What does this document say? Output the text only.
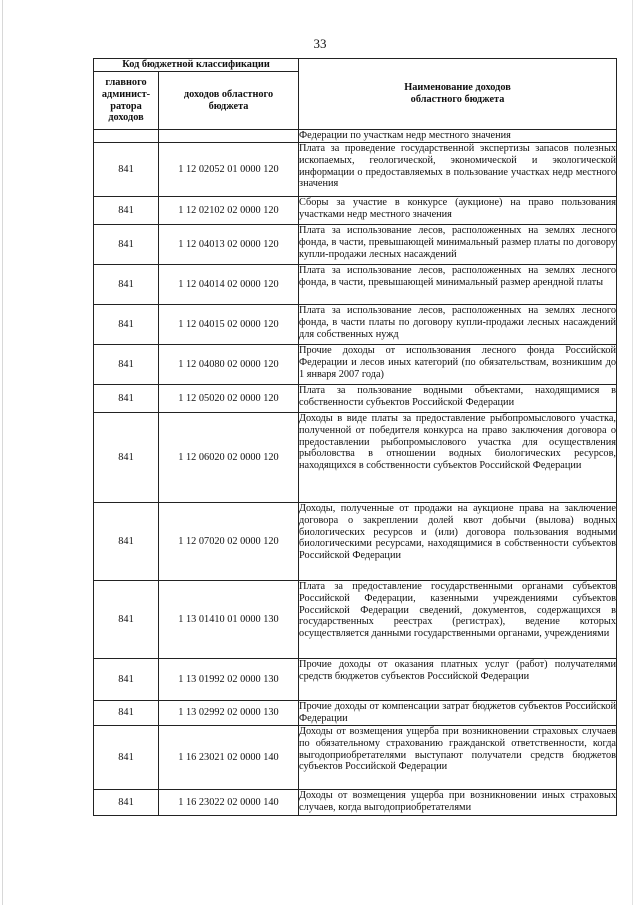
33
Код бюджетной классификации		Наименование доходов областного бюджета

главного админист-ратора доходов	доходов областного бюджета	

		Федерации по участкам недр местного значения
841	1 12 02052 01 0000 120	Плата за проведение государственной экспертизы запасов полезных ископаемых, геологической, экономической и экологической информации о предоставляемых в пользование участках недр местного значения
841	1 12 02102 02 0000 120	Сборы за участие в конкурсе (аукционе) на право пользования участками недр местного значения
841	1 12 04013 02 0000 120	Плата за использование лесов, расположенных на землях лесного фонда, в части, превышающей минимальный размер платы по договору купли-продажи лесных насаждений
841	1 12 04014 02 0000 120	Плата за использование лесов, расположенных на землях лесного фонда, в части, превышающей минимальный размер арендной платы
841	1 12 04015 02 0000 120	Плата за использование лесов, расположенных на землях лесного фонда, в части платы по договору купли-продажи лесных насаждений для собственных нужд
841	1 12 04080 02 0000 120	Прочие доходы от использования лесного фонда Российской Федерации и лесов иных категорий (по обязательствам, возникшим до 1 января 2007 года)
841	1 12 05020 02 0000 120	Плата за пользование водными объектами, находящимися в собственности субъектов Российской Федерации
841	1 12 06020 02 0000 120	Доходы в виде платы за предоставление рыбопромыслового участка, полученной от победителя конкурса на право заключения договора о предоставлении рыбопромыслового участка для осуществления рыболовства в отношении водных биологических ресурсов, находящихся в собственности субъектов Российской Федерации
841	1 12 07020 02 0000 120	Доходы, полученные от продажи на аукционе права на заключение договора о закреплении долей квот добычи (вылова) водных биологических ресурсов и (или) договора пользования водными биологическими ресурсами, находящимися в собственности субъектов Российской Федерации
841	1 13 01410 01 0000 130	Плата за предоставление государственными органами субъектов Российской Федерации, казенными учреждениями субъектов Российской Федерации сведений, документов, содержащихся в государственных реестрах (регистрах), ведение которых осуществляется данными государственными органами, учреждениями
841	1 13 01992 02 0000 130	Прочие доходы от оказания платных услуг (работ) получателями средств бюджетов субъектов Российской Федерации
841	1 13 02992 02 0000 130	Прочие доходы от компенсации затрат бюджетов субъектов Российской Федерации
841	1 16 23021 02 0000 140	Доходы от возмещения ущерба при возникновении страховых случаев по обязательному страхованию гражданской ответственности, когда выгодоприобретателями выступают получатели средств бюджетов субъектов Российской Федерации
841	1 16 23022 02 0000 140	Доходы от возмещения ущерба при возникновении иных страховых случаев, когда выгодоприобретателями
